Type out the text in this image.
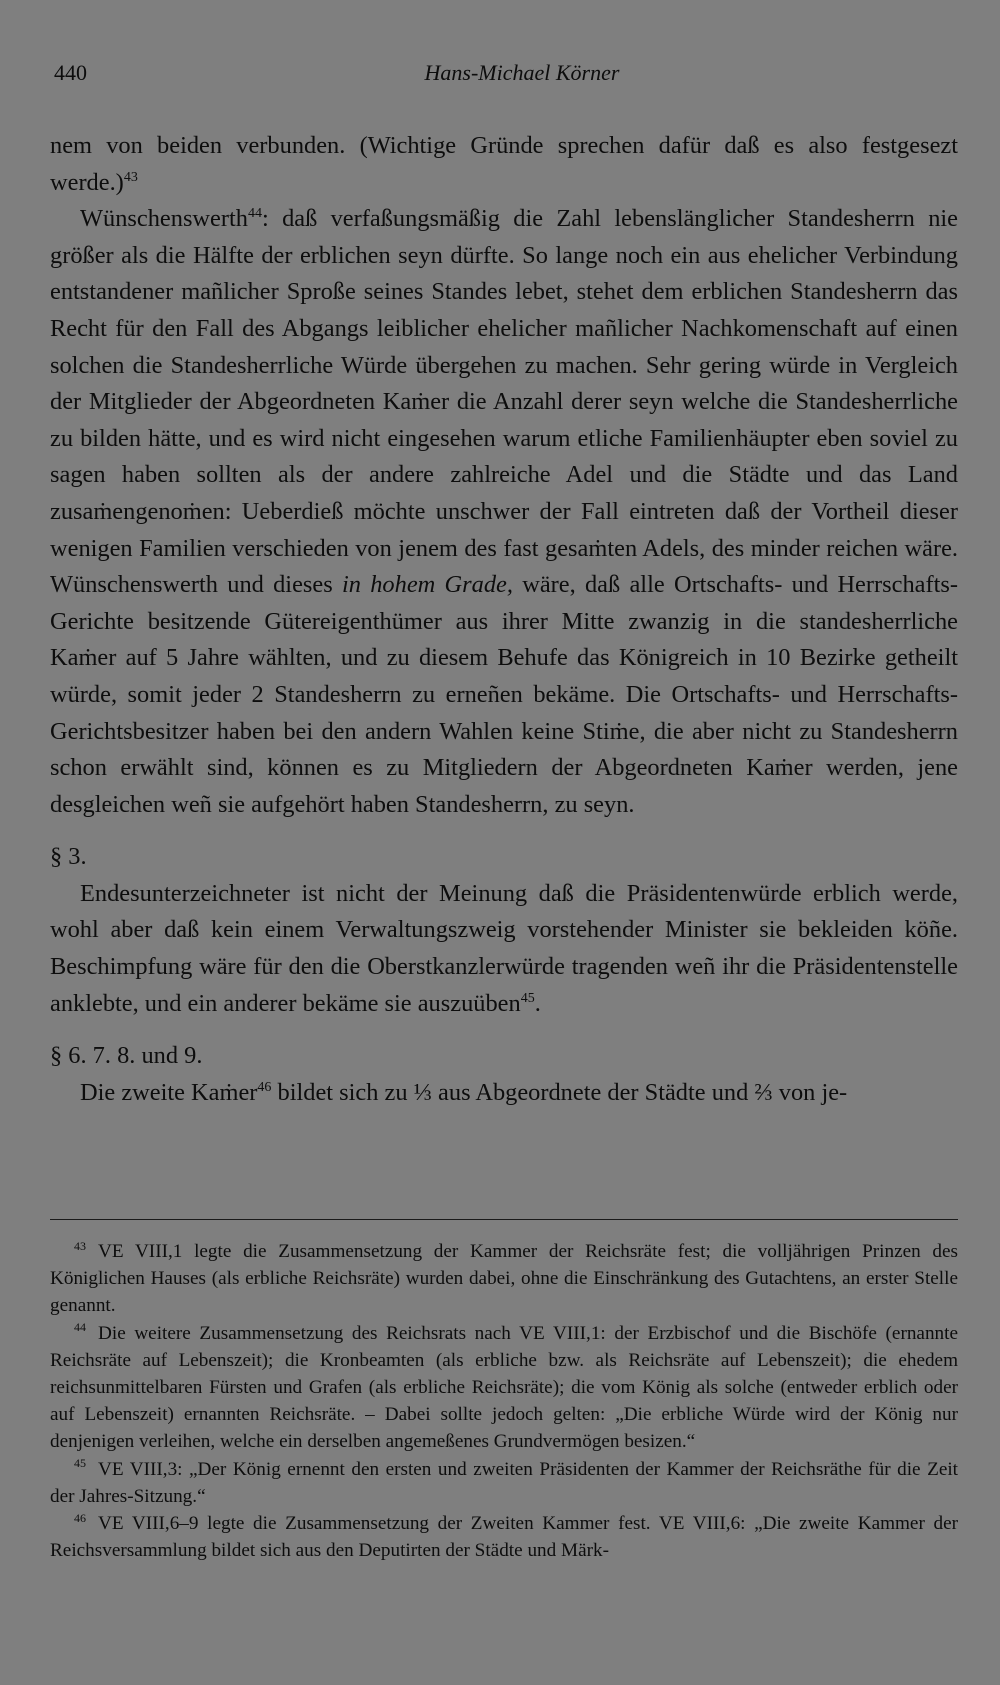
440	Hans-Michael Körner

nem von beiden verbunden. (Wichtige Gründe sprechen dafür daß es also festgesezt werde.)$^{43}$

Wünschenswerth$^{44}$: daß verfaßungsmäßig die Zahl lebenslänglicher Standesherrn nie größer als die Hälfte der erblichen seyn dürfte. So lange noch ein aus ehelicher Verbindung entstandener mañlicher Sproße seines Standes lebet, stehet dem erblichen Standesherrn das Recht für den Fall des Abgangs leiblicher ehelicher mañlicher Nachkomenschaft auf einen solchen die Standesherrliche Würde übergehen zu machen. Sehr gering würde in Vergleich der Mitglieder der Abgeordneten Kaṁer die Anzahl derer seyn welche die Standesherrliche zu bilden hätte, und es wird nicht eingesehen warum etliche Familienhäupter eben soviel zu sagen haben sollten als der andere zahlreiche Adel und die Städte und das Land zusaṁengenoṁen: Ueberdieß möchte unschwer der Fall eintreten daß der Vortheil dieser wenigen Familien verschieden von jenem des fast gesaṁten Adels, des minder reichen wäre. Wünschenswerth und dieses in hohem Grade, wäre, daß alle Ortschafts- und Herrschafts-Gerichte besitzende Gütereigenthümer aus ihrer Mitte zwanzig in die standesherrliche Kaṁer auf 5 Jahre wählten, und zu diesem Behufe das Königreich in 10 Bezirke getheilt würde, somit jeder 2 Standesherrn zu erneñen bekäme. Die Ortschafts- und Herrschafts-Gerichtsbesitzer haben bei den andern Wahlen keine Stiṁe, die aber nicht zu Standesherrn schon erwählt sind, können es zu Mitgliedern der Abgeordneten Kaṁer werden, jene desgleichen weñ sie aufgehört haben Standesherrn, zu seyn.

§ 3.

Endesunterzeichneter ist nicht der Meinung daß die Präsidentenwürde erblich werde, wohl aber daß kein einem Verwaltungszweig vorstehender Minister sie bekleiden köñe. Beschimpfung wäre für den die Oberstkanzlerwürde tragenden weñ ihr die Präsidentenstelle anklebte, und ein anderer bekäme sie auszuüben$^{45}$.

§ 6. 7. 8. und 9.

Die zweite Kaṁer$^{46}$ bildet sich zu ⅓ aus Abgeordnete der Städte und ⅔ von je-

$^{43}$ VE VIII,1 legte die Zusammensetzung der Kammer der Reichsräte fest; die volljährigen Prinzen des Königlichen Hauses (als erbliche Reichsräte) wurden dabei, ohne die Einschränkung des Gutachtens, an erster Stelle genannt.

$^{44}$ Die weitere Zusammensetzung des Reichsrats nach VE VIII,1: der Erzbischof und die Bischöfe (ernannte Reichsräte auf Lebenszeit); die Kronbeamten (als erbliche bzw. als Reichsräte auf Lebenszeit); die ehedem reichsunmittelbaren Fürsten und Grafen (als erbliche Reichsräte); die vom König als solche (entweder erblich oder auf Lebenszeit) ernannten Reichsräte. – Dabei sollte jedoch gelten: „Die erbliche Würde wird der König nur denjenigen verleihen, welche ein derselben angemeßenes Grundvermögen besizen.“

$^{45}$ VE VIII,3: „Der König ernennt den ersten und zweiten Präsidenten der Kammer der Reichsräthe für die Zeit der Jahres-Sitzung.“

$^{46}$ VE VIII,6–9 legte die Zusammensetzung der Zweiten Kammer fest. VE VIII,6: „Die zweite Kammer der Reichsversammlung bildet sich aus den Deputirten der Städte und Märk-
